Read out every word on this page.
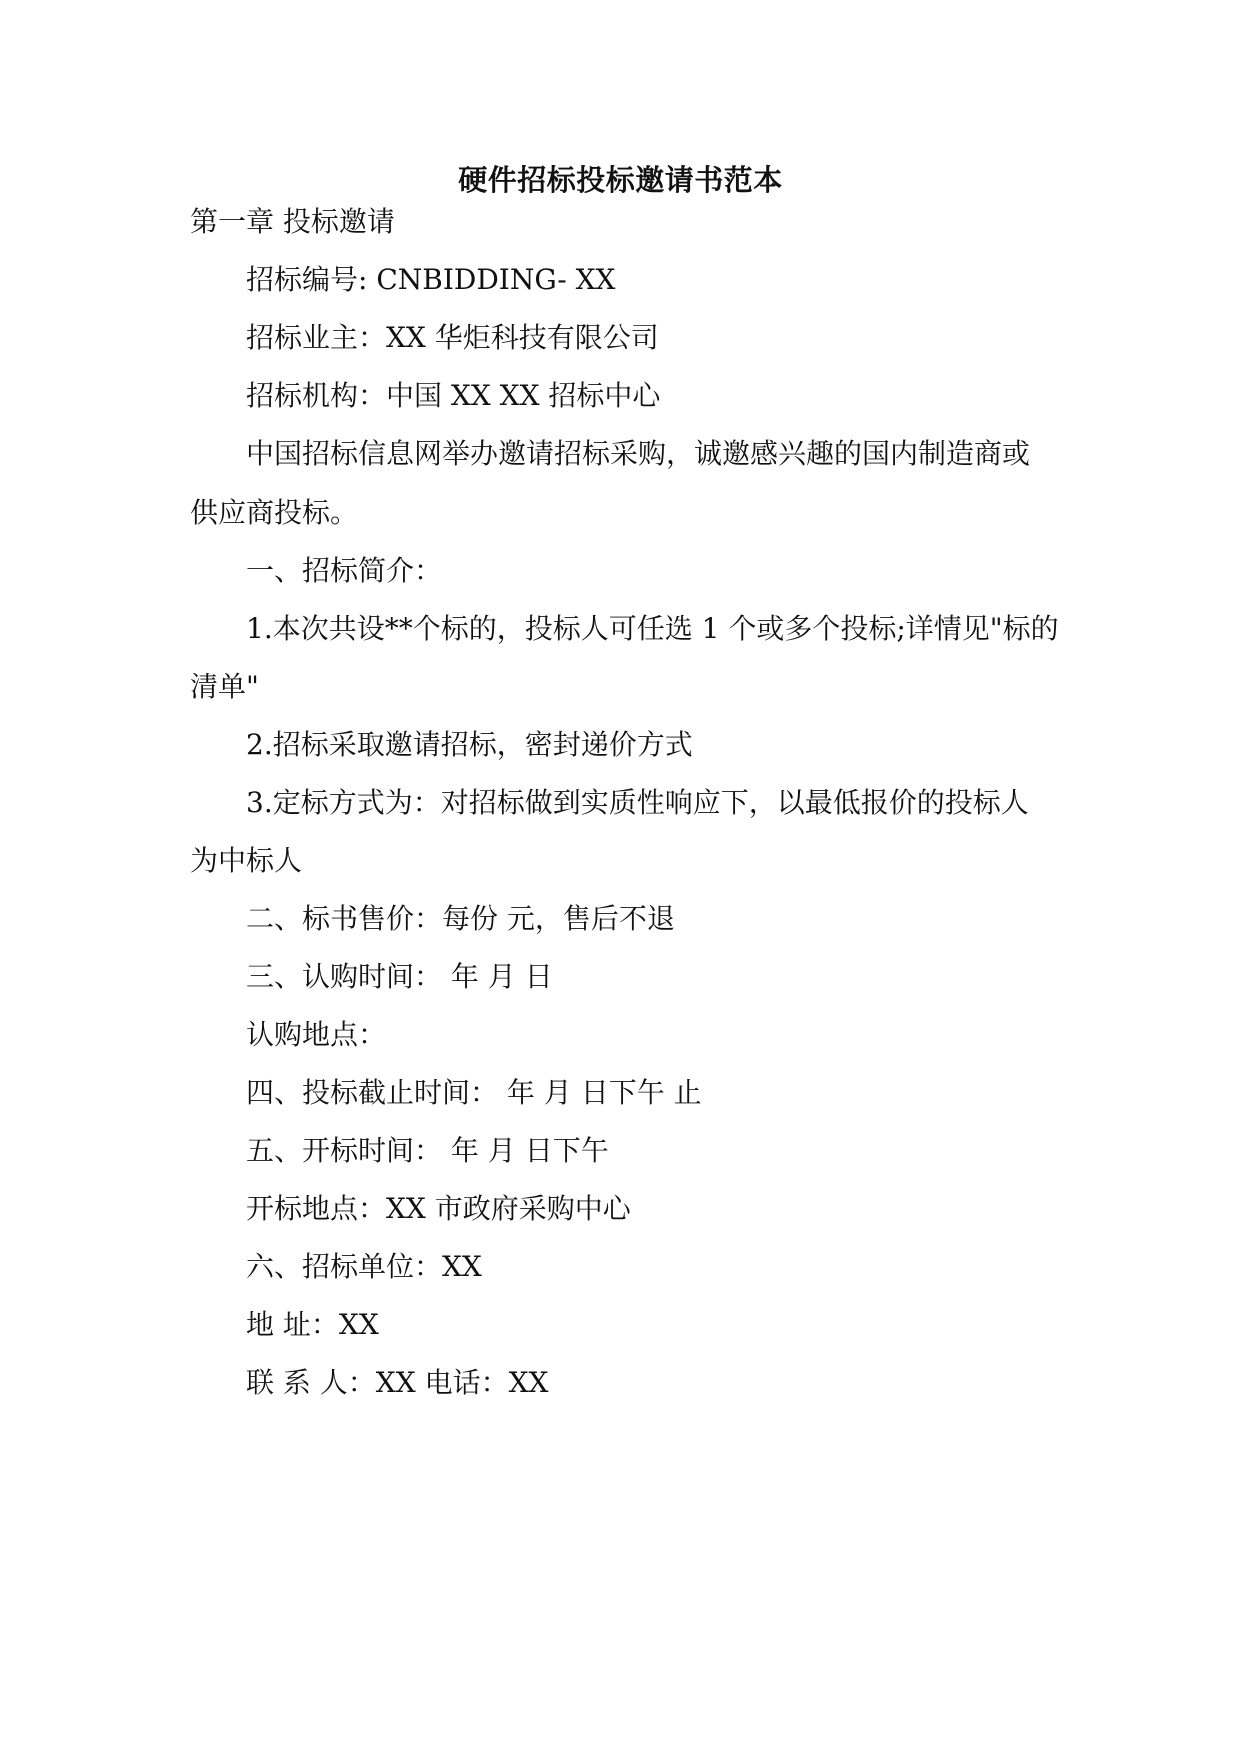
硬件招标投标邀请书范本
第一章 投标邀请
招标编号: CNBIDDING- XX
招标业主：XX 华炬科技有限公司
招标机构：中国 XX XX 招标中心
中国招标信息网举办邀请招标采购，诚邀感兴趣的国内制造商或
供应商投标。
一、招标简介：
1.本次共设**个标的，投标人可任选 1 个或多个投标;详情见"标的
清单"
2.招标采取邀请招标，密封递价方式
3.定标方式为：对招标做到实质性响应下，以最低报价的投标人
为中标人
二、标书售价：每份 元，售后不退
三、认购时间： 年 月 日
认购地点：
四、投标截止时间： 年 月 日下午 止
五、开标时间： 年 月 日下午
开标地点：XX 市政府采购中心
六、招标单位：XX
地 址：XX
联 系 人：XX 电话：XX
